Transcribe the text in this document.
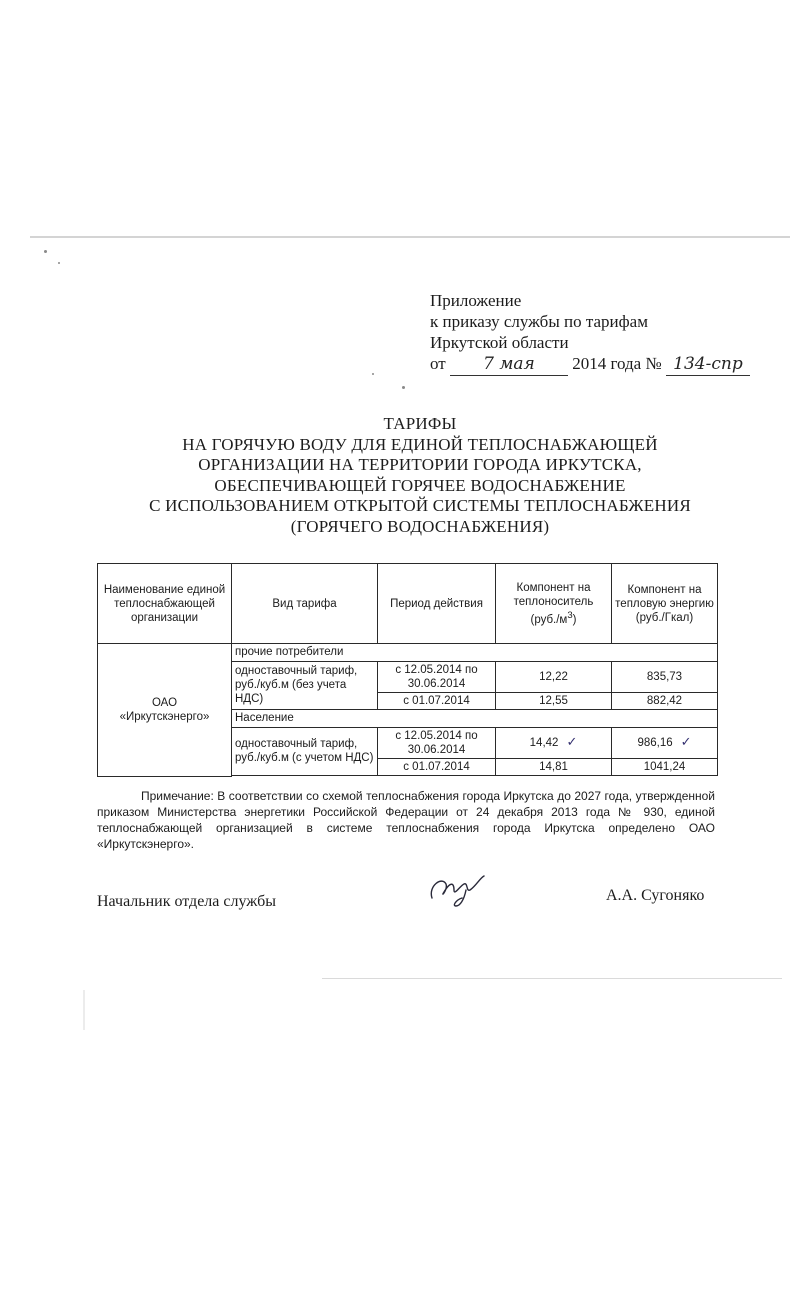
Приложение
к приказу службы по тарифам
Иркутской области
от 7 мая 2014 года № 134-спр
ТАРИФЫ
НА ГОРЯЧУЮ ВОДУ ДЛЯ ЕДИНОЙ ТЕПЛОСНАБЖАЮЩЕЙ
ОРГАНИЗАЦИИ НА ТЕРРИТОРИИ ГОРОДА ИРКУТСКА,
ОБЕСПЕЧИВАЮЩЕЙ ГОРЯЧЕЕ ВОДОСНАБЖЕНИЕ
С ИСПОЛЬЗОВАНИЕМ ОТКРЫТОЙ СИСТЕМЫ ТЕПЛОСНАБЖЕНИЯ
(ГОРЯЧЕГО ВОДОСНАБЖЕНИЯ)
Наименование единой теплоснабжающей организации	Вид тарифа	Период действия	Компонент на теплоноситель $(руб./м^3)$	Компонент на тепловую энергию (руб./Гкал)

ОАО
«Иркутскэнерго»	прочие потребители			
	одноставочный тариф, руб./куб.м (без учета НДС)	с 12.05.2014 по 30.06.2014	12,22	835,73
		с 01.07.2014	12,55	882,42
	Население			
	одноставочный тариф, руб./куб.м (с учетом НДС)	с 12.05.2014 по 30.06.2014	14,42 ✓	986,16 ✓
		с 01.07.2014	14,81	1041,24

Примечание: В соответствии со схемой теплоснабжения города Иркутска до 2027 года, утвержденной приказом Министерства энергетики Российской Федерации от 24 декабря 2013 года № 930, единой теплоснабжающей организацией в системе теплоснабжения города Иркутска определено ОАО «Иркутскэнерго».
Начальник отдела службы	А.А. Сугоняко
